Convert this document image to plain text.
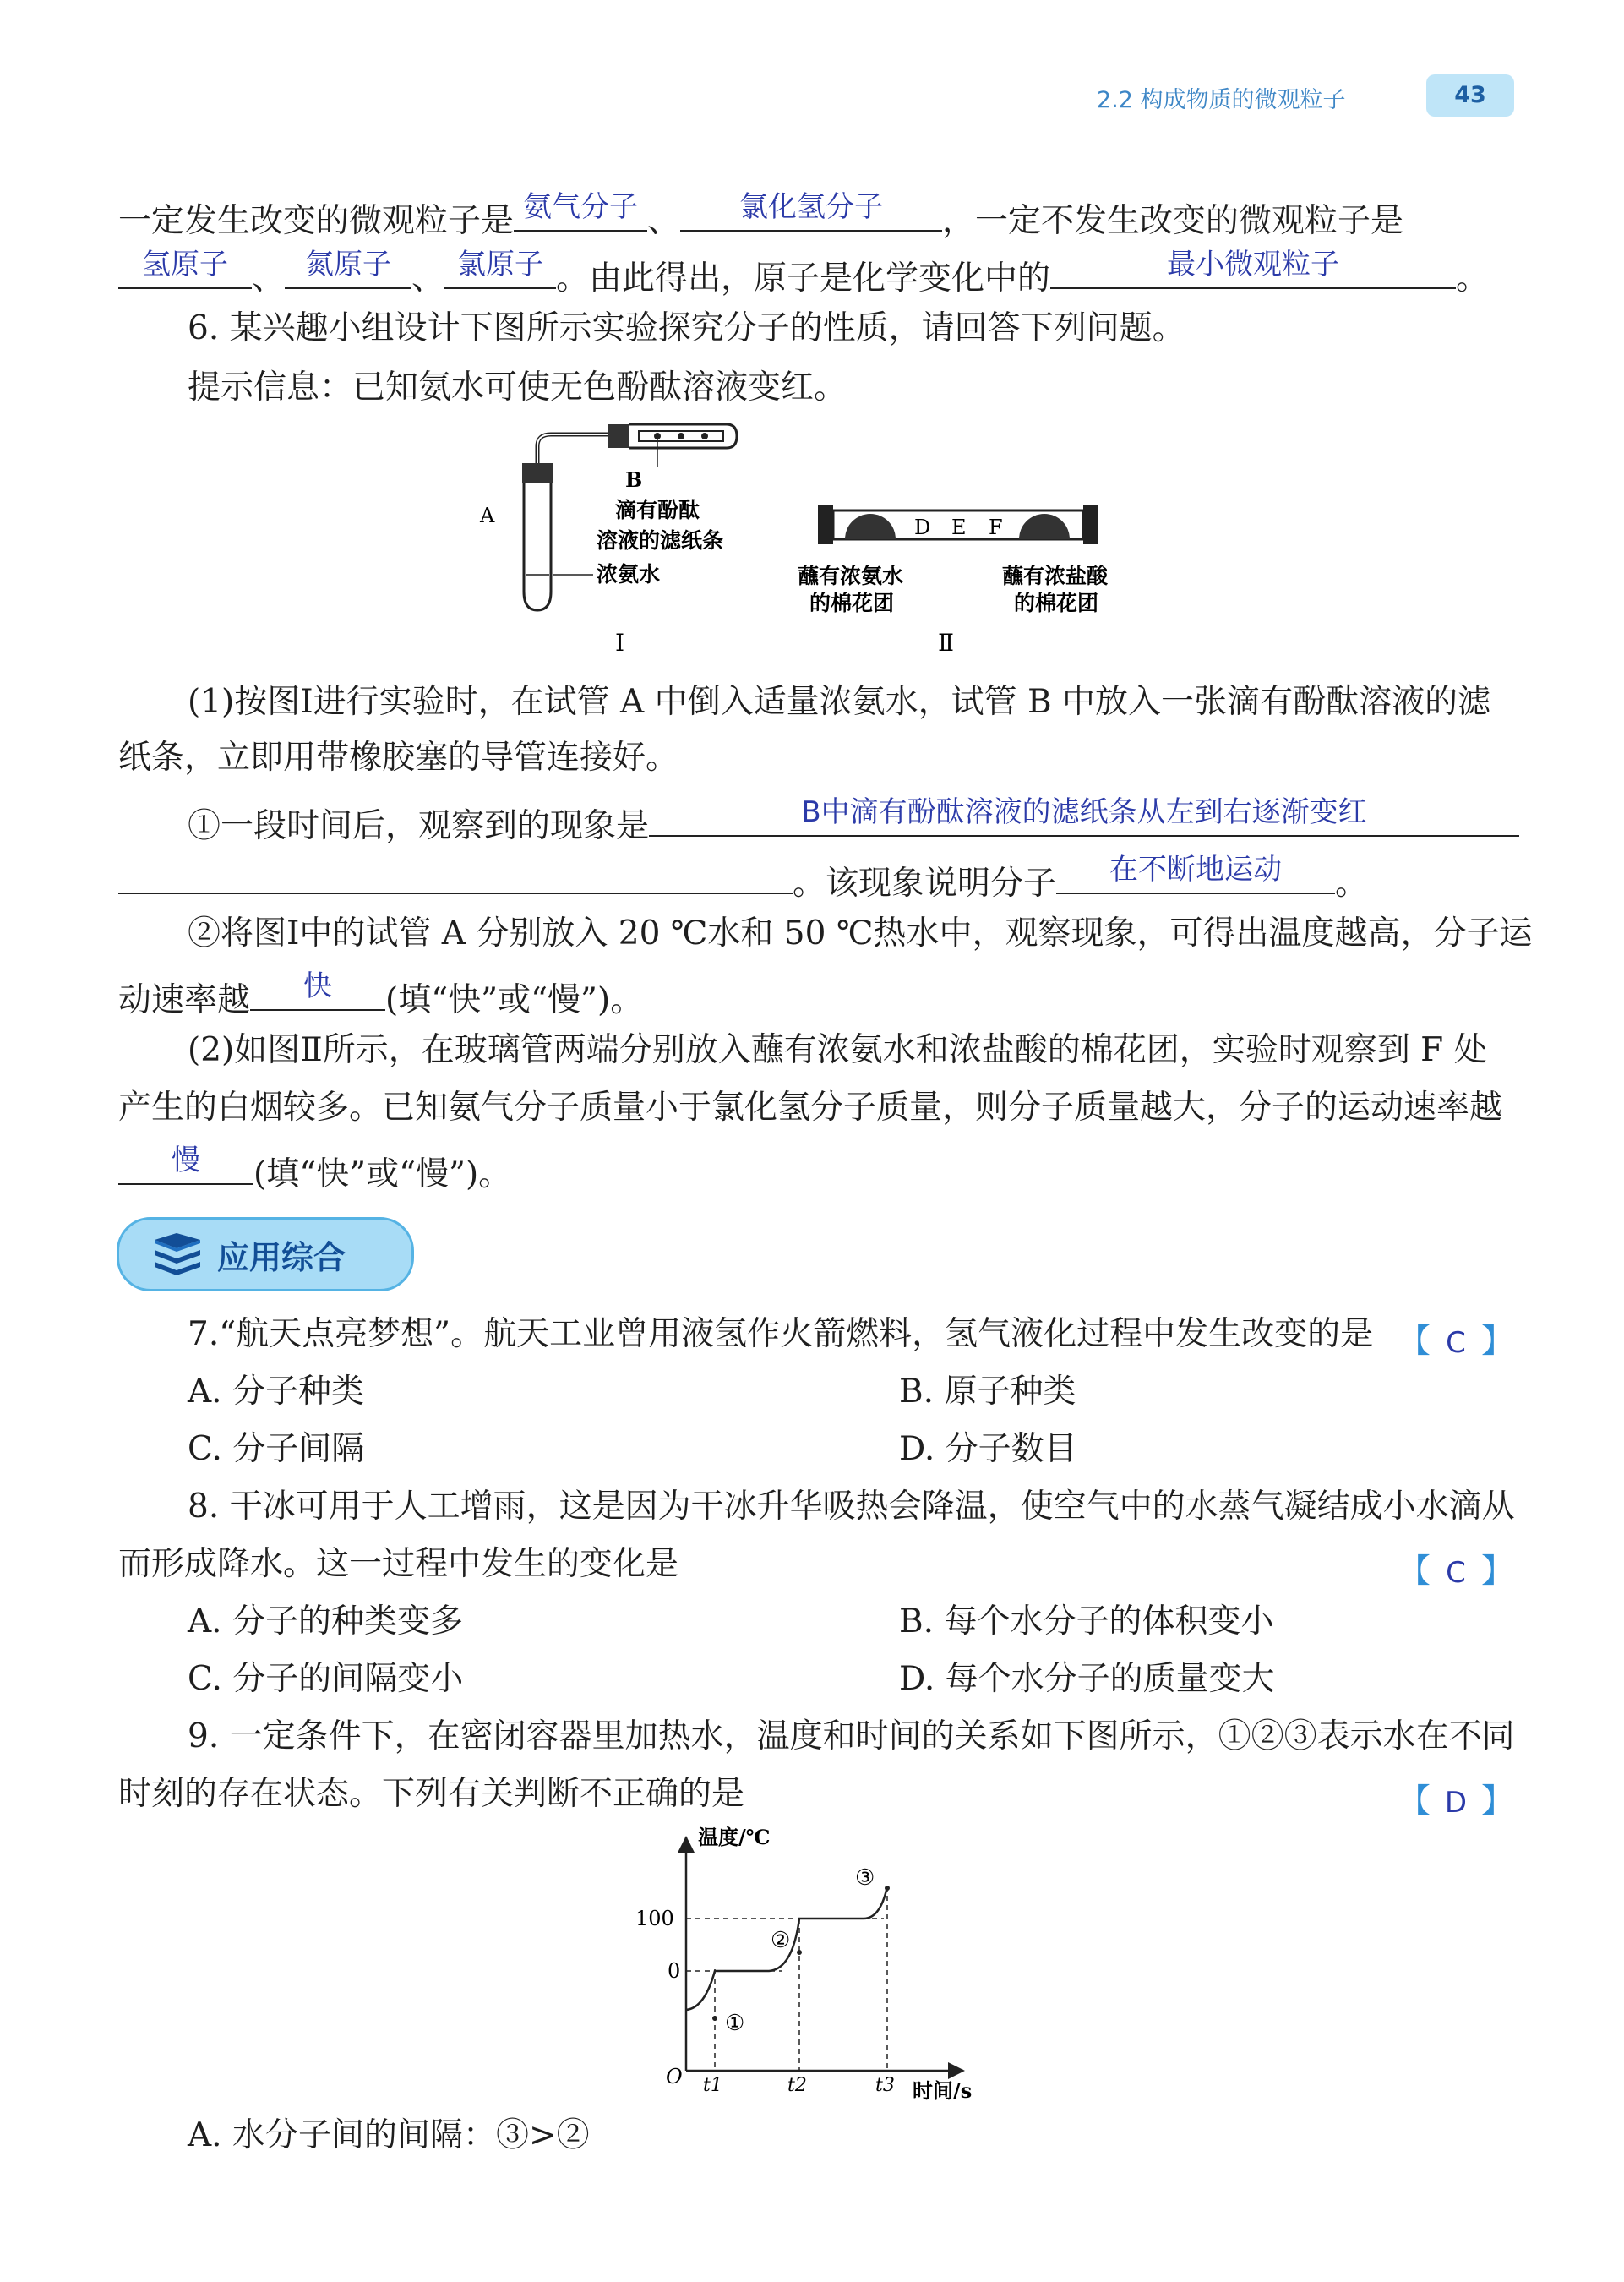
2.2 构成物质的微观粒子	43
一定发生改变的微观粒子是 氨气分子 、	氯化氢分子	，一定不发生改变的微观粒子是
氢原子 、 氮原子 、 氯原子 。由此得出，原子是化学变化中的	最小微观粒子	。
6. 某兴趣小组设计下图所示实验探究分子的性质，请回答下列问题。
提示信息：已知氨水可使无色酚酞溶液变红。
A
B
滴有酚酞
溶液的滤纸条
浓氨水
Ⅰ
D E F
蘸有浓氨水
的棉花团
蘸有浓盐酸
的棉花团
Ⅱ
(1)按图Ⅰ进行实验时，在试管 A 中倒入适量浓氨水，试管 B 中放入一张滴有酚酞溶液的滤
纸条，立即用带橡胶塞的导管连接好。
①一段时间后，观察到的现象是	B中滴有酚酞溶液的滤纸条从左到右逐渐变红
。该现象说明分子	在不断地运动	。
②将图Ⅰ中的试管 A 分别放入 20 ℃水和 50 ℃热水中，观察现象，可得出温度越高，分子运
动速率越	快	(填“快”或“慢”)。
(2)如图Ⅱ所示，在玻璃管两端分别放入蘸有浓氨水和浓盐酸的棉花团，实验时观察到 F 处
产生的白烟较多。已知氨气分子质量小于氯化氢分子质量，则分子质量越大，分子的运动速率越
慢	(填“快”或“慢”)。
应用综合
7.“航天点亮梦想”。航天工业曾用液氢作火箭燃料，氢气液化过程中发生改变的是 【 C 】
A. 分子种类	B. 原子种类
C. 分子间隔	D. 分子数目
8. 干冰可用于人工增雨，这是因为干冰升华吸热会降温，使空气中的水蒸气凝结成小水滴从
而形成降水。这一过程中发生的变化是	【 C 】
A. 分子的种类变多	B. 每个水分子的体积变小
C. 分子的间隔变小	D. 每个水分子的质量变大
9. 一定条件下，在密闭容器里加热水，温度和时间的关系如下图所示，①②③表示水在不同
时刻的存在状态。下列有关判断不正确的是	【 D 】
温度/℃
时间/s
O
100
0
①
②
③
t1	t2	t3
A. 水分子间的间隔：③>②
